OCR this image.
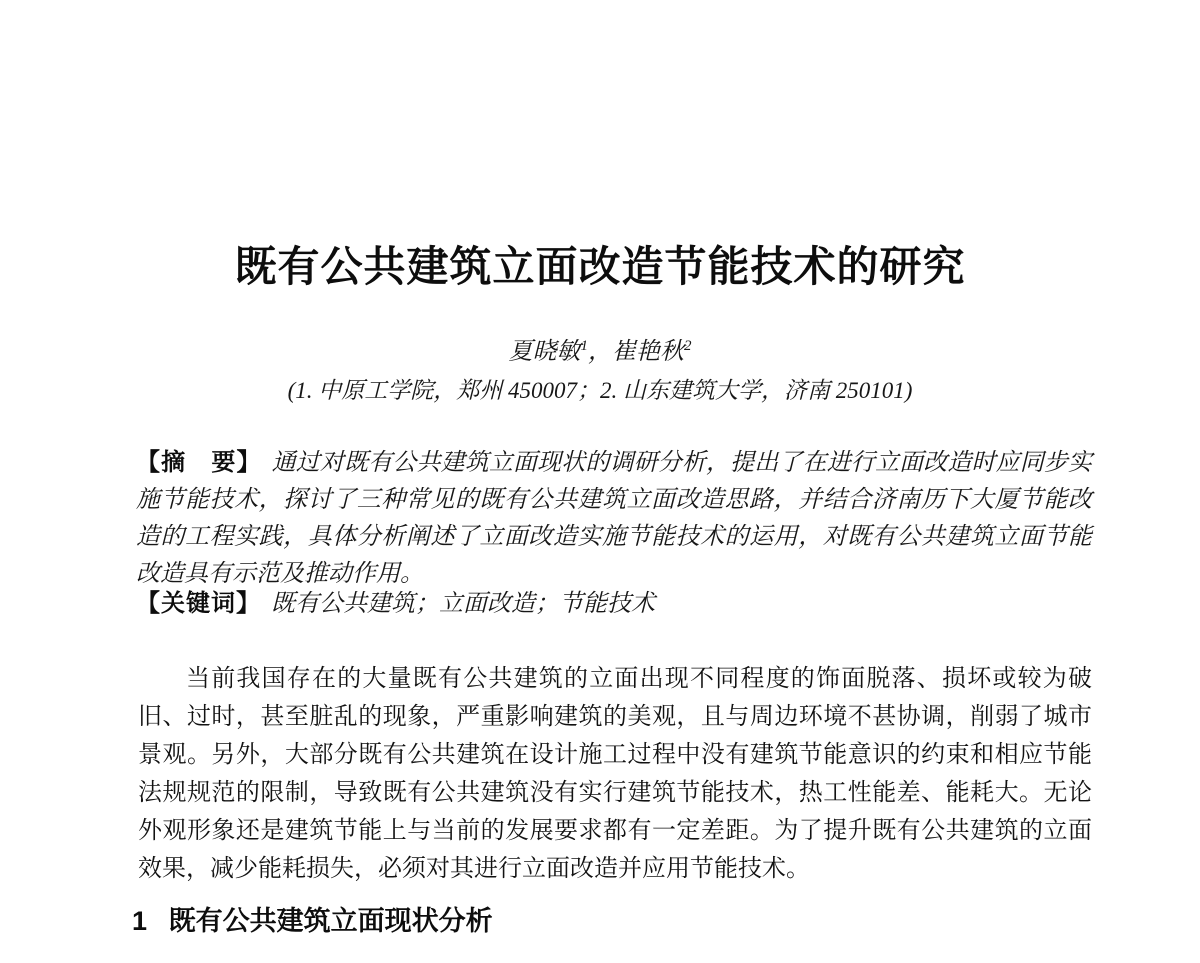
既有公共建筑立面改造节能技术的研究
夏晓敏$^1$，崔艳秋$^2$
(1. 中原工学院，郑州 450007；2. 山东建筑大学，济南 250101)

【摘　要】 通过对既有公共建筑立面现状的调研分析，提出了在进行立面改造时应同步实施节能技术，探讨了三种常见的既有公共建筑立面改造思路，并结合济南历下大厦节能改造的工程实践，具体分析阐述了立面改造实施节能技术的运用，对既有公共建筑立面节能改造具有示范及推动作用。

【关键词】 既有公共建筑；立面改造；节能技术

当前我国存在的大量既有公共建筑的立面出现不同程度的饰面脱落、损坏或较为破旧、过时，甚至脏乱的现象，严重影响建筑的美观，且与周边环境不甚协调，削弱了城市景观。另外，大部分既有公共建筑在设计施工过程中没有建筑节能意识的约束和相应节能法规规范的限制，导致既有公共建筑没有实行建筑节能技术，热工性能差、能耗大。无论外观形象还是建筑节能上与当前的发展要求都有一定差距。为了提升既有公共建筑的立面效果，减少能耗损失，必须对其进行立面改造并应用节能技术。

1 既有公共建筑立面现状分析
